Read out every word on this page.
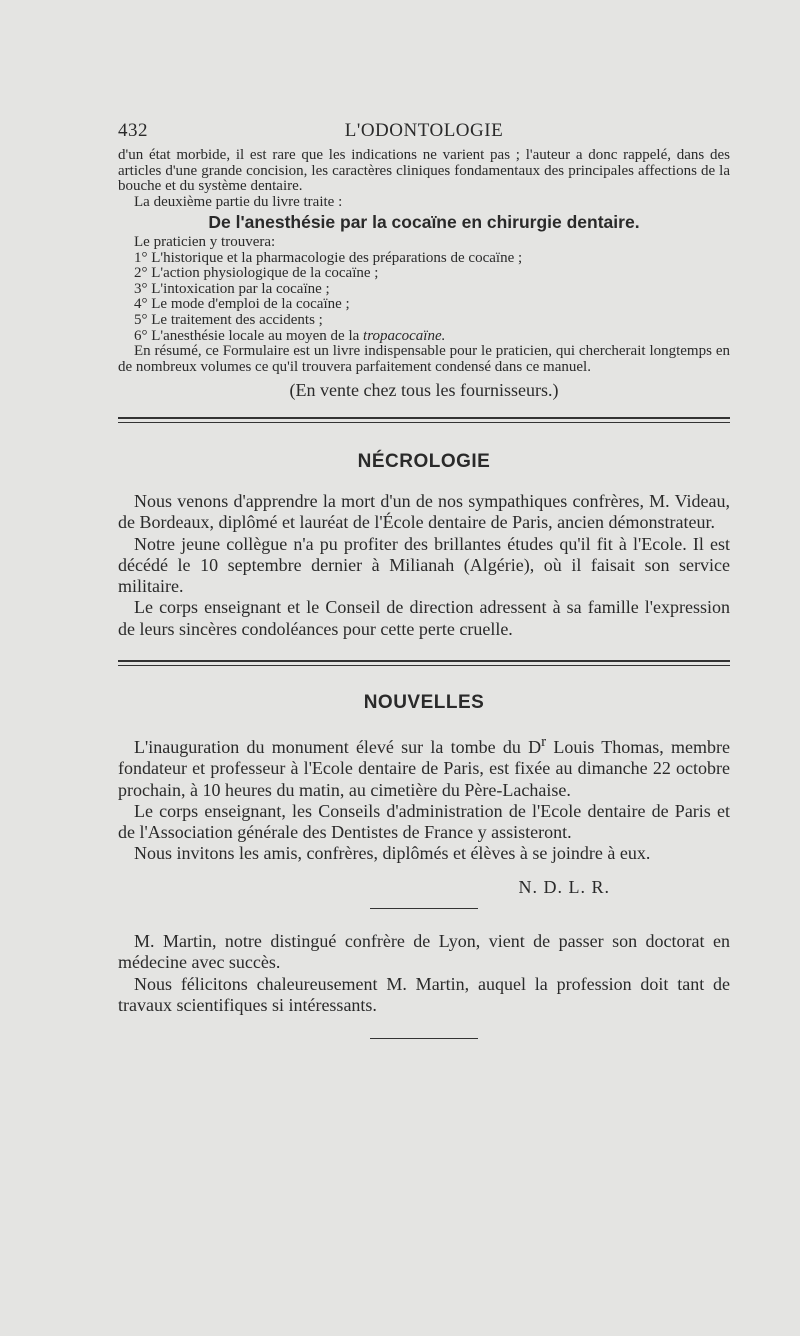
432	L'ODONTOLOGIE

d'un état morbide, il est rare que les indications ne varient pas ; l'auteur a donc rappelé, dans des articles d'une grande concision, les caractères cliniques fondamentaux des principales affections de la bouche et du système dentaire.

La deuxième partie du livre traite :

De l'anesthésie par la cocaïne en chirurgie dentaire.

Le praticien y trouvera:

1° L'historique et la pharmacologie des préparations de cocaïne ;

2° L'action physiologique de la cocaïne ;

3° L'intoxication par la cocaïne ;

4° Le mode d'emploi de la cocaïne ;

5° Le traitement des accidents ;

6° L'anesthésie locale au moyen de la tropacocaïne.

En résumé, ce Formulaire est un livre indispensable pour le praticien, qui chercherait longtemps en de nombreux volumes ce qu'il trouvera parfaitement condensé dans ce manuel.

(En vente chez tous les fournisseurs.)
NÉCROLOGIE

Nous venons d'apprendre la mort d'un de nos sympathiques confrères, M. Videau, de Bordeaux, diplômé et lauréat de l'École dentaire de Paris, ancien démonstrateur.

Notre jeune collègue n'a pu profiter des brillantes études qu'il fit à l'Ecole. Il est décédé le 10 septembre dernier à Milianah (Algérie), où il faisait son service militaire.

Le corps enseignant et le Conseil de direction adressent à sa famille l'expression de leurs sincères condoléances pour cette perte cruelle.

NOUVELLES

L'inauguration du monument élevé sur la tombe du $D^r$ Louis Thomas, membre fondateur et professeur à l'Ecole dentaire de Paris, est fixée au dimanche 22 octobre prochain, à 10 heures du matin, au cimetière du Père-Lachaise.

Le corps enseignant, les Conseils d'administration de l'Ecole dentaire de Paris et de l'Association générale des Dentistes de France y assisteront.

Nous invitons les amis, confrères, diplômés et élèves à se joindre à eux.

N. D. L. R.

M. Martin, notre distingué confrère de Lyon, vient de passer son doctorat en médecine avec succès.

Nous félicitons chaleureusement M. Martin, auquel la profession doit tant de travaux scientifiques si intéressants.
